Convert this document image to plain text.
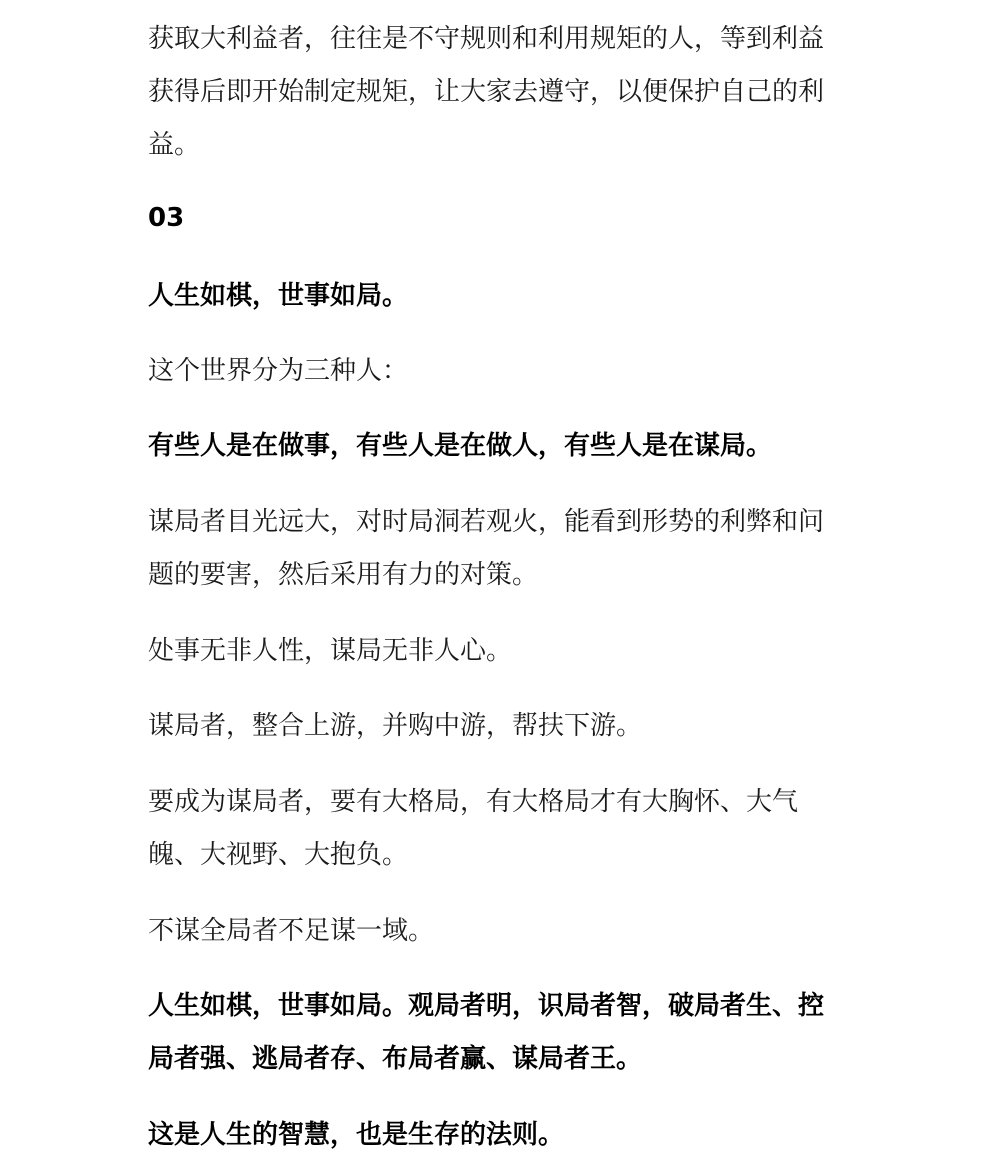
获取大利益者，往往是不守规则和利用规矩的人，等到利益获得后即开始制定规矩，让大家去遵守，以便保护自己的利益。

03

人生如棋，世事如局。

这个世界分为三种人：

有些人是在做事，有些人是在做人，有些人是在谋局。

谋局者目光远大，对时局洞若观火，能看到形势的利弊和问题的要害，然后采用有力的对策。

处事无非人性，谋局无非人心。

谋局者，整合上游，并购中游，帮扶下游。

要成为谋局者，要有大格局，有大格局才有大胸怀、大气魄、大视野、大抱负。

不谋全局者不足谋一域。

人生如棋，世事如局。观局者明，识局者智，破局者生、控局者强、逃局者存、布局者赢、谋局者王。

这是人生的智慧，也是生存的法则。
